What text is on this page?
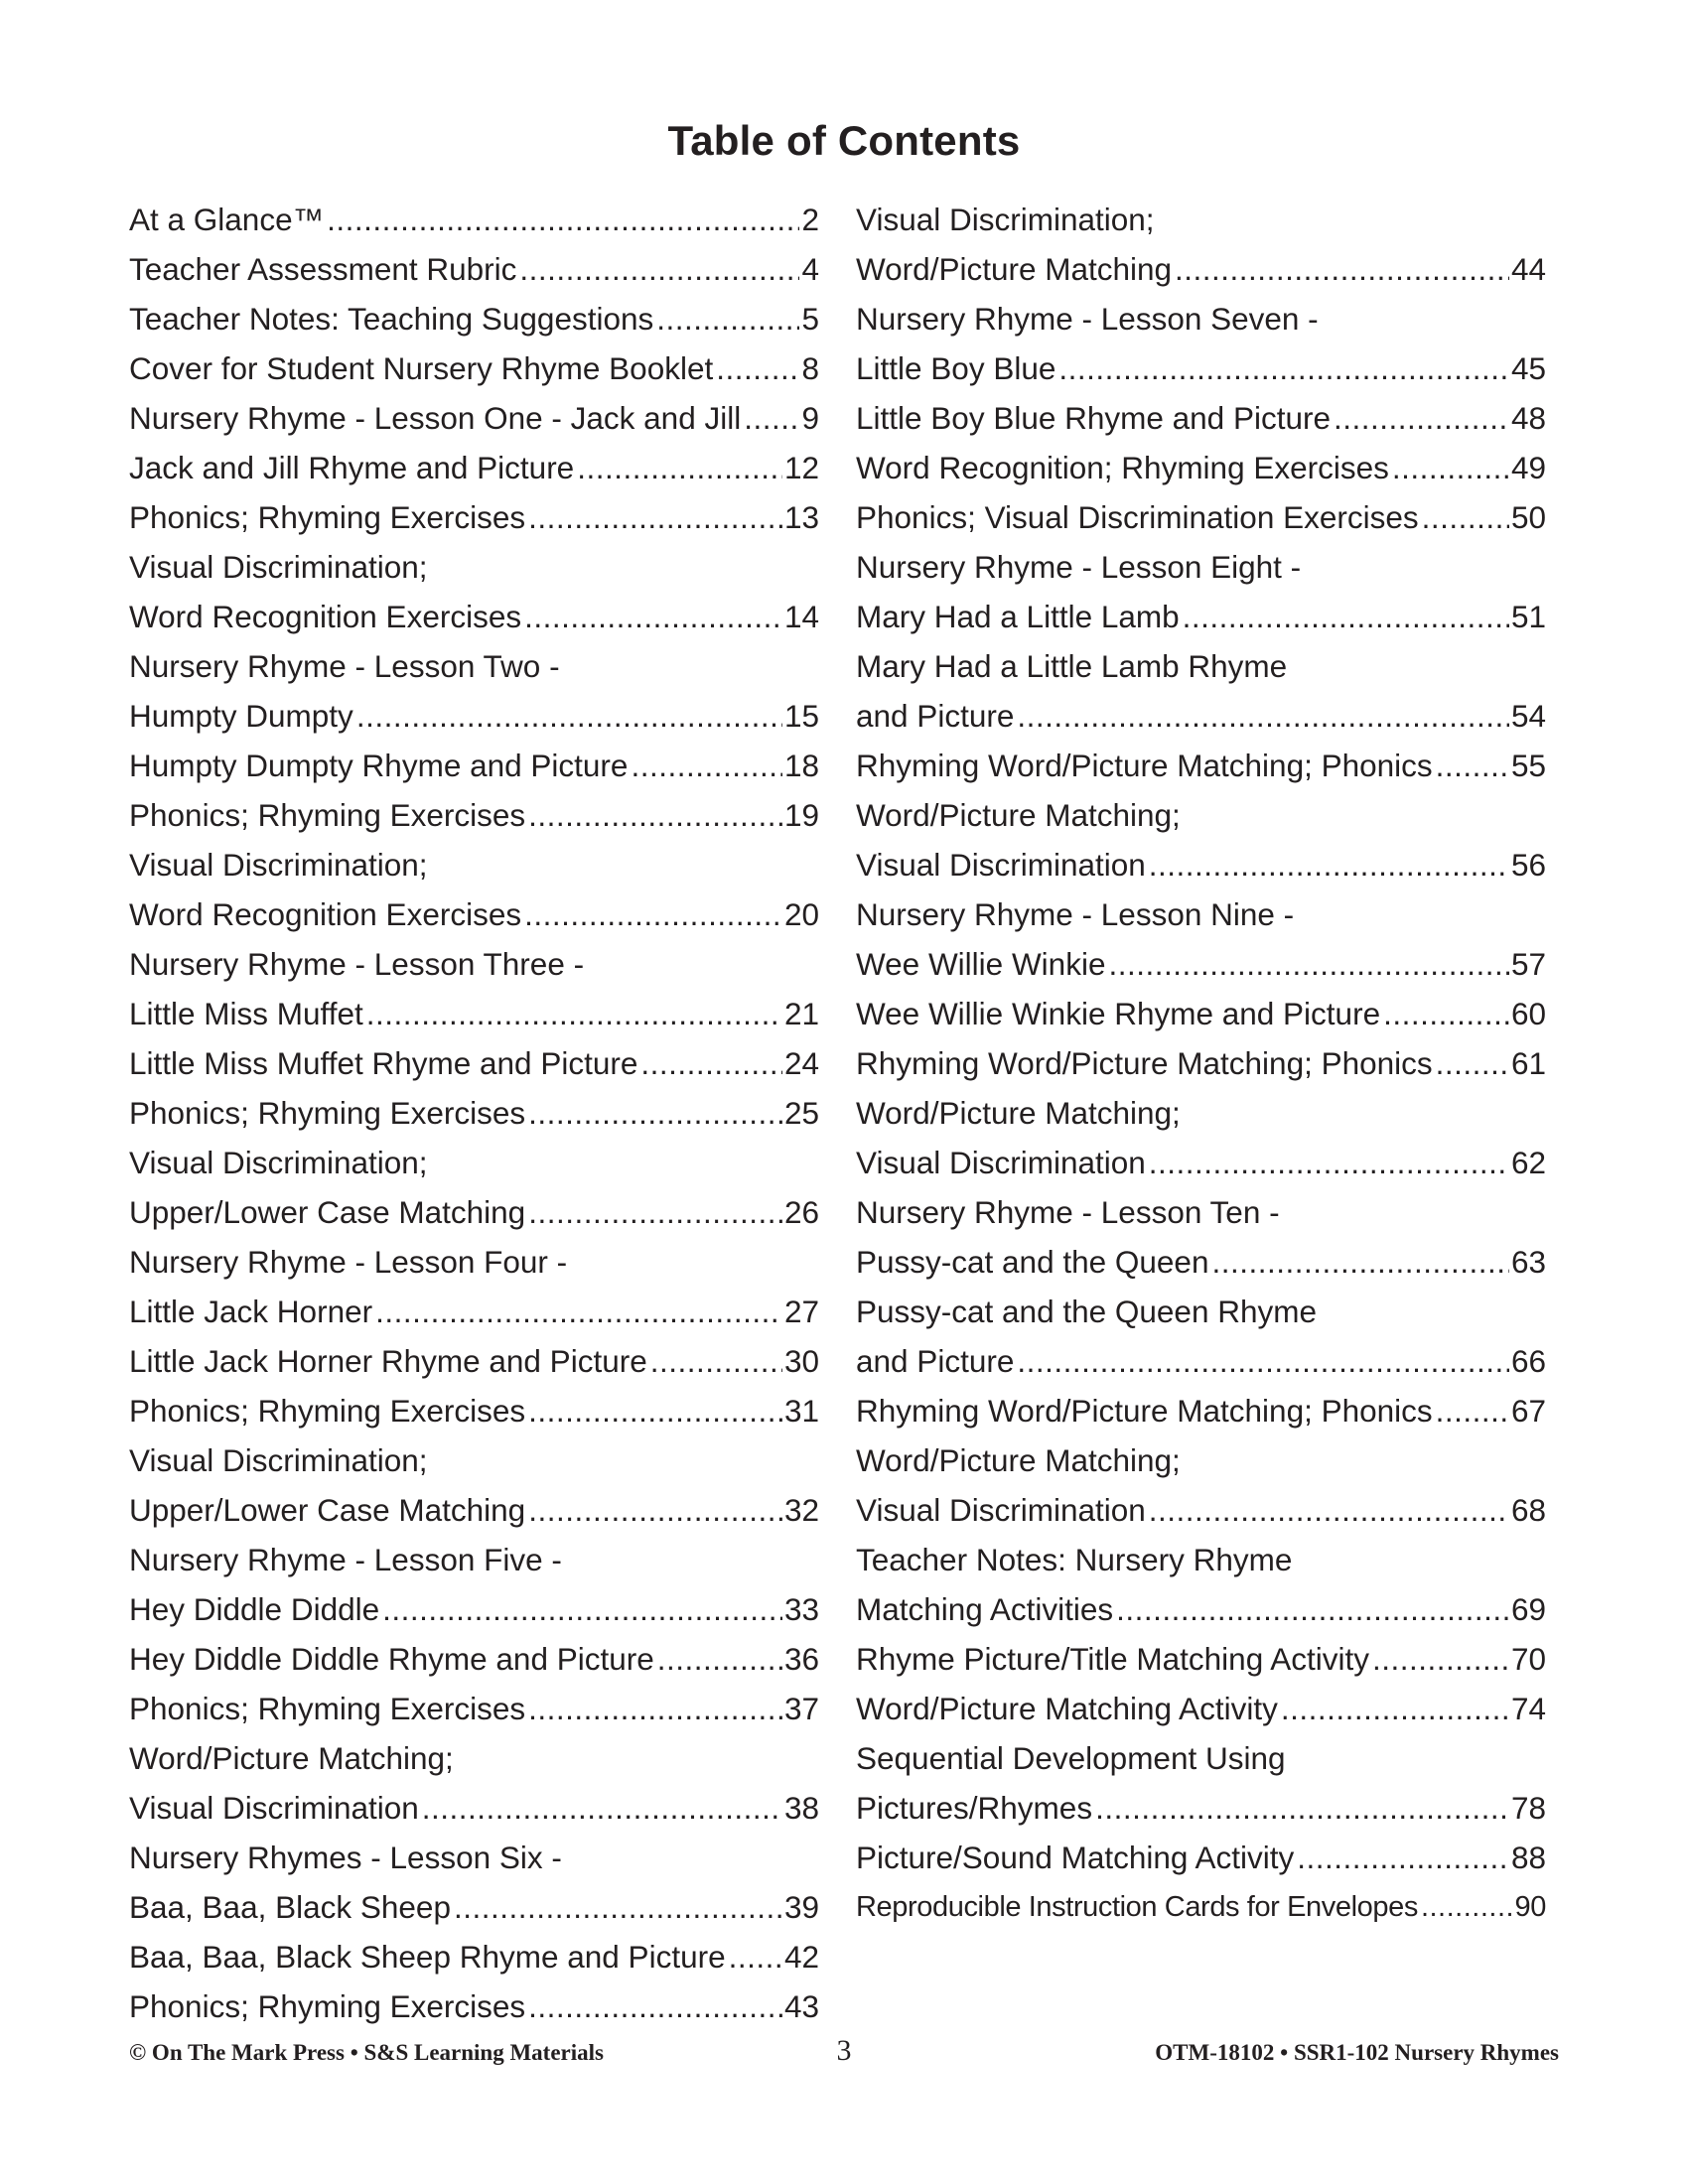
Table of Contents
At a Glance™ .....	2
Teacher Assessment Rubric .....	4
Teacher Notes: Teaching Suggestions .....	5
Cover for Student Nursery Rhyme Booklet .....	8
Nursery Rhyme - Lesson One - Jack and Jill ..... 9
Jack and Jill Rhyme and Picture .....	12
Phonics; Rhyming Exercises .....	13
Visual Discrimination;
Word Recognition Exercises .....	14
Nursery Rhyme - Lesson Two -
Humpty Dumpty .....	15
Humpty Dumpty Rhyme and Picture .....	18
Phonics; Rhyming Exercises .....	19
Visual Discrimination;
Word Recognition Exercises .....	20
Nursery Rhyme - Lesson Three -
Little Miss Muffet .....	21
Little Miss Muffet Rhyme and Picture .....	24
Phonics; Rhyming Exercises .....	25
Visual Discrimination;
Upper/Lower Case Matching .....	26
Nursery Rhyme - Lesson Four -
Little Jack Horner .....	27
Little Jack Horner Rhyme and Picture .....	30
Phonics; Rhyming Exercises .....	31
Visual Discrimination;
Upper/Lower Case Matching .....	32
Nursery Rhyme - Lesson Five -
Hey Diddle Diddle .....	33
Hey Diddle Diddle Rhyme and Picture .....	36
Phonics; Rhyming Exercises .....	37
Word/Picture Matching;
Visual Discrimination .....	38
Nursery Rhymes - Lesson Six -
Baa, Baa, Black Sheep .....	39
Baa, Baa, Black Sheep Rhyme and Picture ..... 42
Phonics; Rhyming Exercises .....	43
Visual Discrimination;
Word/Picture Matching .....	44
Nursery Rhyme - Lesson Seven -
Little Boy Blue .....	45
Little Boy Blue Rhyme and Picture .....	48
Word Recognition; Rhyming Exercises .....	49
Phonics; Visual Discrimination Exercises .....	50
Nursery Rhyme - Lesson Eight -
Mary Had a Little Lamb .....	51
Mary Had a Little Lamb Rhyme
and Picture .....	54
Rhyming Word/Picture Matching; Phonics .....	55
Word/Picture Matching;
Visual Discrimination .....	56
Nursery Rhyme - Lesson Nine -
Wee Willie Winkie .....	57
Wee Willie Winkie Rhyme and Picture .....	60
Rhyming Word/Picture Matching; Phonics .....	61
Word/Picture Matching;
Visual Discrimination .....	62
Nursery Rhyme - Lesson Ten -
Pussy-cat and the Queen .....	63
Pussy-cat and the Queen Rhyme
and Picture .....	66
Rhyming Word/Picture Matching; Phonics .....	67
Word/Picture Matching;
Visual Discrimination .....	68
Teacher Notes: Nursery Rhyme
Matching Activities .....	69
Rhyme Picture/Title Matching Activity .....	70
Word/Picture Matching Activity .....	74
Sequential Development Using
Pictures/Rhymes .....	78
Picture/Sound Matching Activity .....	88
Reproducible Instruction Cards for Envelopes .....	90
© On The Mark Press • S&S Learning Materials	3	OTM-18102 • SSR1-102 Nursery Rhymes
